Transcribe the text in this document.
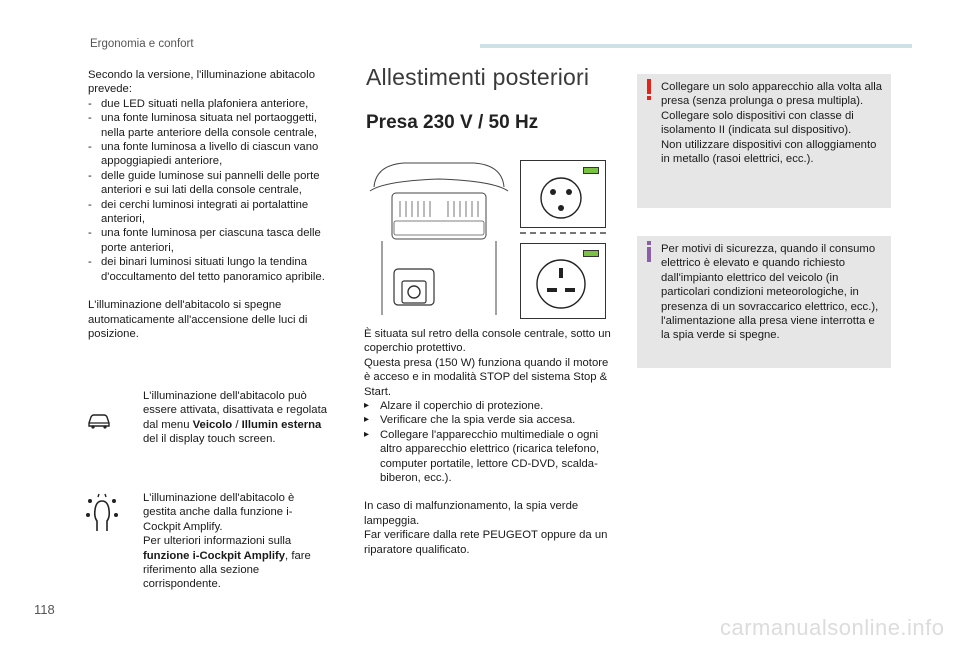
Ergonomia e confort

Secondo la versione, l'illuminazione abitacolo prevede:

- due LED situati nella plafoniera anteriore,
- una fonte luminosa situata nel portaoggetti, nella parte anteriore della console centrale,
- una fonte luminosa a livello di ciascun vano appoggiapiedi anteriore,
- delle guide luminose sui pannelli delle porte anteriori e sui lati della console centrale,
- dei cerchi luminosi integrati ai portalattine anteriori,
- una fonte luminosa per ciascuna tasca delle porte anteriori,
- dei binari luminosi situati lungo la tendina d'occultamento del tetto panoramico apribile.

L'illuminazione dell'abitacolo si spegne automaticamente all'accensione delle luci di posizione.

L'illuminazione dell'abitacolo può essere attivata, disattivata e regolata dal menu Veicolo / Illumin esterna del il display touch screen.
L'illuminazione dell'abitacolo è gestita anche dalla funzione i-Cockpit Amplify.
Per ulteriori informazioni sulla funzione i-Cockpit Amplify, fare riferimento alla sezione corrispondente.
Allestimenti posteriori
Presa 230 V / 50 Hz

È situata sul retro della console centrale, sotto un coperchio protettivo.

Questa presa (150 W) funziona quando il motore è acceso e in modalità STOP del sistema Stop & Start.

▸ Alzare il coperchio di protezione.
▸ Verificare che la spia verde sia accesa.
▸ Collegare l'apparecchio multimediale o ogni altro apparecchio elettrico (ricarica telefono, computer portatile, lettore CD-DVD, scalda-biberon, ecc.).

In caso di malfunzionamento, la spia verde lampeggia.

Far verificare dalla rete PEUGEOT oppure da un riparatore qualificato.

Collegare un solo apparecchio alla volta alla presa (senza prolunga o presa multipla).
Collegare solo dispositivi con classe di isolamento II (indicata sul dispositivo).
Non utilizzare dispositivi con alloggiamento in metallo (rasoi elettrici, ecc.).
Per motivi di sicurezza, quando il consumo elettrico è elevato e quando richiesto dall'impianto elettrico del veicolo (in particolari condizioni meteorologiche, in presenza di un sovraccarico elettrico, ecc.), l'alimentazione alla presa viene interrotta e la spia verde si spegne.
118
carmanualsonline.info
